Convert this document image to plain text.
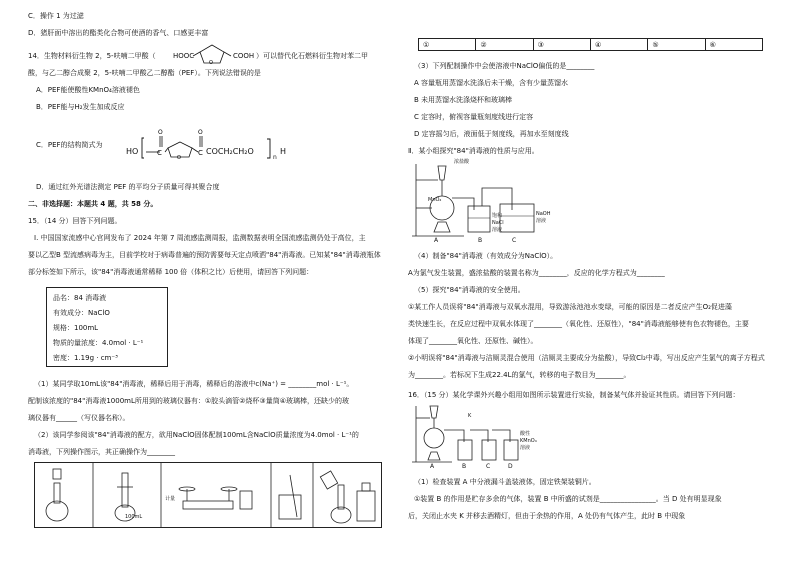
C．操作 1 为过滤
D．猪肝面中溶出的酯类化合物可使酒的香气、口感更丰富
14．生物材料衍生物 2，5-呋喃二甲酸（ HOOC
O
COOH ）可以替代化石燃料衍生物对苯二甲
酸，与乙二醇合成聚 2，5-呋喃二甲酸乙二醇酯（PEF）。下列说法错误的是
A．PEF能使酸性KMnO₄溶液褪色
B．PEF能与H₂发生加成反应
C．PEF的结构简式为
HO	C
O
O
C
O
COCH₂CH₂O
n
H
D．通过红外光谱法测定 PEF 的平均分子质量可得其聚合度
二、非选择题：本题共 4 题，共 58 分。
15．（14 分）回答下列问题。
Ⅰ. 中国国家流感中心官网发布了 2024 年第 7 周流感监测周报，监测数据表明全国流感监测仍处于高位，主
要以乙型B 型流感病毒为主，目前学校对于病毒普遍的预防需要每天定点喷洒"84"消毒液。已知某"84"消毒液瓶体
部分标签如下所示，该"84"消毒液通常稀释 100 倍（体积之比）后使用，请回答下列问题：
品名：84 消毒液
有效成分：NaClO
规格：100mL
物质的量浓度：4.0mol · L⁻¹
密度：1.19g · cm⁻³
（1）某同学取10mL该"84"消毒液，稀释后用于消毒，稀释后的溶液中c(Na⁺) = ________mol · L⁻¹。
配制该浓度的"84"消毒液1000mL所用到的玻璃仪器有：①胶头滴管②烧杯③量筒④玻璃棒，还缺少的玻
璃仪器有______（写仪器名称）。
（2）该同学参阅该"84"消毒液的配方，欲用NaClO固体配制100mL含NaClO质量浓度为4.0mol · L⁻¹的
消毒液，下列操作图示，其正确操作为________
100mL
计量
①	②	③	④	⑤	⑥
（3）下列配制操作中会使溶液中NaClO偏低的是________
A 容量瓶用蒸馏水洗涤后未干燥，含有少量蒸馏水
B 未用蒸馏水洗涤烧杯和玻璃棒
C 定容时，俯视容量瓶刻度线进行定容
D 定容摇匀后，液面低于刻度线，再加水至刻度线
Ⅱ．某小组探究"84"消毒液的性质与应用。
浓盐酸
MnO₂
饱和
NaCl
溶液
NaOH
溶液
A	B	C
（4）制备"84"消毒液（有效成分为NaClO）。
A为氯气发生装置，盛浓盐酸的装置名称为________，反应的化学方程式为________
（5）探究"84"消毒液的安全使用。
①某工作人员误将"84"消毒液与双氧水混用，导致游泳池池水变绿，可能的原因是二者反应产生O₂促进藻
类快速生长，在反应过程中双氧水体现了________（氧化性、还原性），"84"消毒液能够使有色衣物褪色，主要
体现了________氧化性、还原性、碱性）。
②小明误将"84"消毒液与洁厕灵混合使用（洁厕灵主要成分为盐酸），导致Cl₂中毒，写出反应产生氯气的离子方程式
为________。若标况下生成22.4L的氯气，转移的电子数目为________。
16．（15 分）某化学课外兴趣小组用如图所示装置进行实验，制备某气体并验证其性质。请回答下列问题：
K
酸性
KMnO₄
溶液
A	B	C	D
（1）检查装置 A 中分液漏斗盖装液体，固定铁架装铜片。
①装置 B 的作用是贮存多余的气体，装置 B 中所盛的试剂是________________。当 D 处有明显现象
后，关闭止水夹 K 并移去酒精灯，但由于余热的作用，A 处仍有气体产生，此时 B 中现象
